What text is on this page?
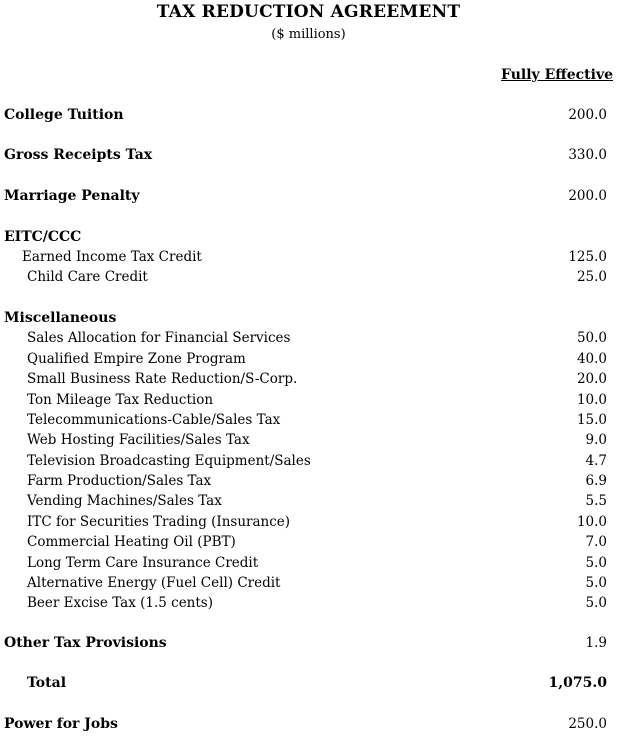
TAX REDUCTION AGREEMENT
($ millions)
Fully Effective
College Tuition	200.0
Gross Receipts Tax	330.0
Marriage Penalty	200.0
EITC/CCC
Earned Income Tax Credit	125.0
Child Care Credit	25.0
Miscellaneous
Sales Allocation for Financial Services	50.0
Qualified Empire Zone Program	40.0
Small Business Rate Reduction/S-Corp.	20.0
Ton Mileage Tax Reduction	10.0
Telecommunications-Cable/Sales Tax	15.0
Web Hosting Facilities/Sales Tax	9.0
Television Broadcasting Equipment/Sales	4.7
Farm Production/Sales Tax	6.9
Vending Machines/Sales Tax	5.5
ITC for Securities Trading (Insurance)	10.0
Commercial Heating Oil (PBT)	7.0
Long Term Care Insurance Credit	5.0
Alternative Energy (Fuel Cell) Credit	5.0
Beer Excise Tax (1.5 cents)	5.0
Other Tax Provisions	1.9
Total	1,075.0
Power for Jobs	250.0
